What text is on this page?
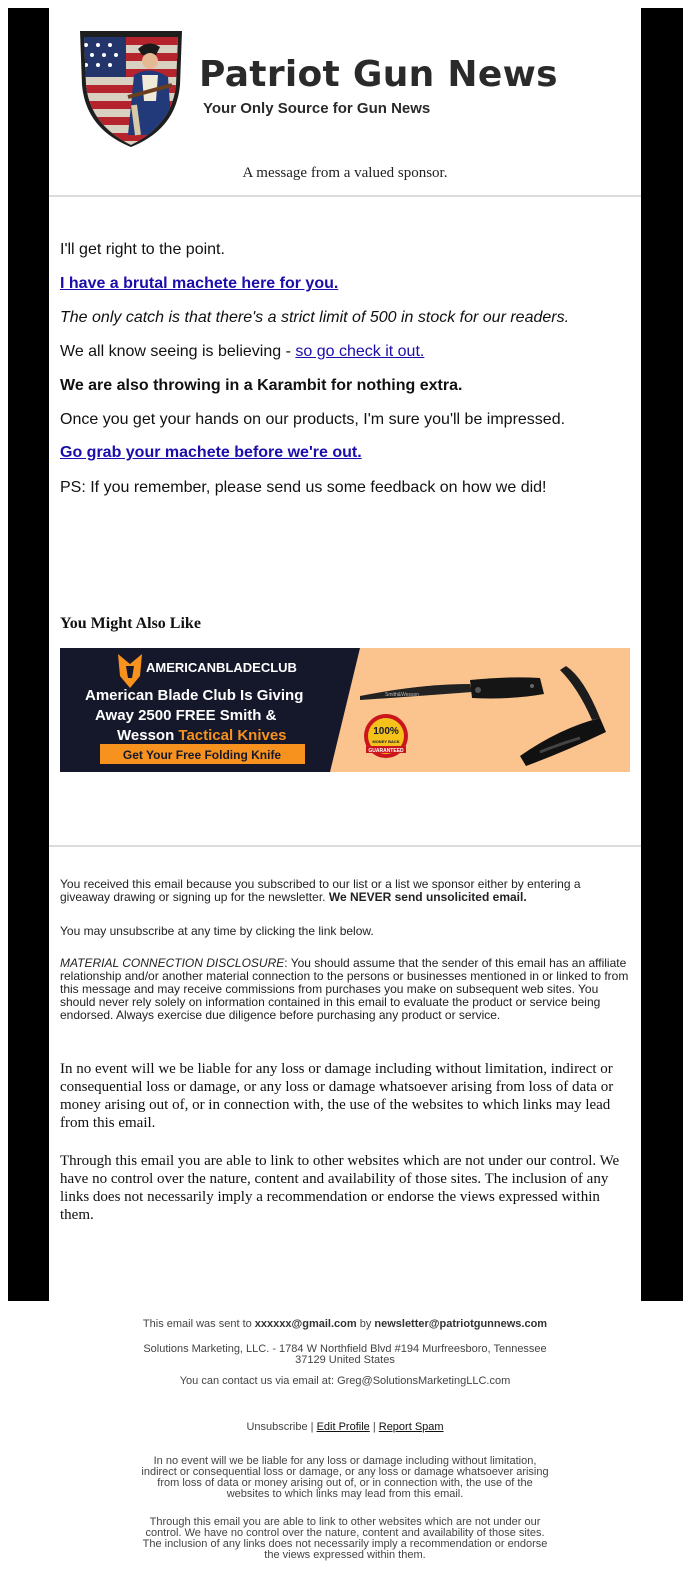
Patriot Gun News
Your Only Source for Gun News
A message from a valued sponsor.
I'll get right to the point.
I have a brutal machete here for you.
The only catch is that there's a strict limit of 500 in stock for our readers.
We all know seeing is believing - so go check it out.
We are also throwing in a Karambit for nothing extra.
Once you get your hands on our products, I'm sure you'll be impressed.
Go grab your machete before we're out.
PS: If you remember, please send us some feedback on how we did!
You Might Also Like
AMERICANBLADECLUB
American Blade Club Is Giving
Away 2500 FREE Smith &
Wesson Tactical Knives
Get Your Free Folding Knife
Smith&Wesson
100%
MONEY BACK
GUARANTEED
You received this email because you subscribed to our list or a list we sponsor either by entering a giveaway drawing or signing up for the newsletter. We NEVER send unsolicited email.
You may unsubscribe at any time by clicking the link below.
MATERIAL CONNECTION DISCLOSURE: You should assume that the sender of this email has an affiliate relationship and/or another material connection to the persons or businesses mentioned in or linked to from this message and may receive commissions from purchases you make on subsequent web sites. You should never rely solely on information contained in this email to evaluate the product or service being endorsed. Always exercise due diligence before purchasing any product or service.
In no event will we be liable for any loss or damage including without limitation, indirect or consequential loss or damage, or any loss or damage whatsoever arising from loss of data or money arising out of, or in connection with, the use of the websites to which links may lead from this email.
Through this email you are able to link to other websites which are not under our control. We have no control over the nature, content and availability of those sites. The inclusion of any links does not necessarily imply a recommendation or endorse the views expressed within them.
This email was sent to xxxxxx@gmail.com by newsletter@patriotgunnews.com
Solutions Marketing, LLC. - 1784 W Northfield Blvd #194 Murfreesboro, Tennessee 37129 United States
You can contact us via email at: Greg@SolutionsMarketingLLC.com
Unsubscribe | Edit Profile | Report Spam
In no event will we be liable for any loss or damage including without limitation, indirect or consequential loss or damage, or any loss or damage whatsoever arising from loss of data or money arising out of, or in connection with, the use of the websites to which links may lead from this email.
Through this email you are able to link to other websites which are not under our control. We have no control over the nature, content and availability of those sites. The inclusion of any links does not necessarily imply a recommendation or endorse the views expressed within them.
